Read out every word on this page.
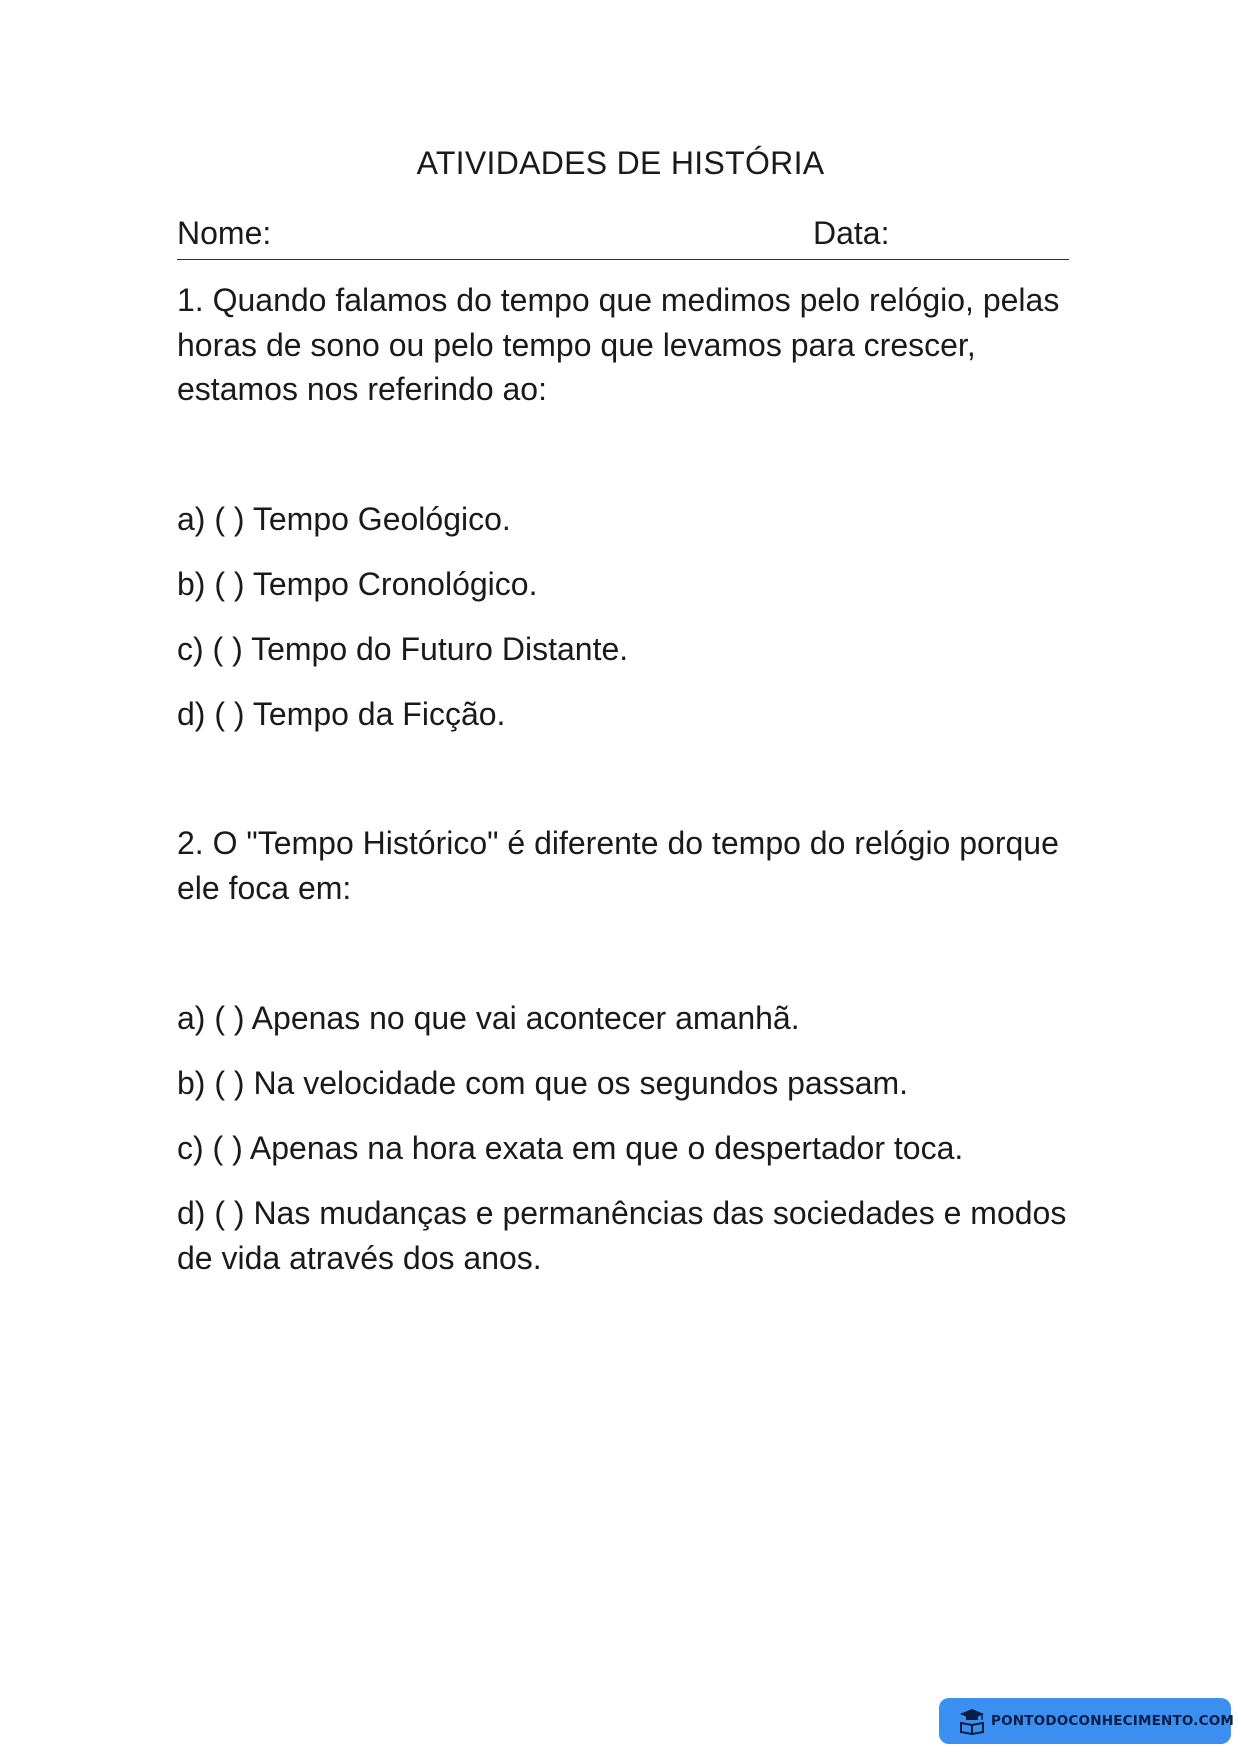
ATIVIDADES DE HISTÓRIA
Nome:	Data:
1. Quando falamos do tempo que medimos pelo relógio, pelas horas de sono ou pelo tempo que levamos para crescer, estamos nos referindo ao:
a) ( ) Tempo Geológico.
b) ( ) Tempo Cronológico.
c) ( ) Tempo do Futuro Distante.
d) ( ) Tempo da Ficção.
2. O "Tempo Histórico" é diferente do tempo do relógio porque ele foca em:
a) ( ) Apenas no que vai acontecer amanhã.
b) ( ) Na velocidade com que os segundos passam.
c) ( ) Apenas na hora exata em que o despertador toca.
d) ( ) Nas mudanças e permanências das sociedades e modos de vida através dos anos.
PONTODOCONHECIMENTO.COM
